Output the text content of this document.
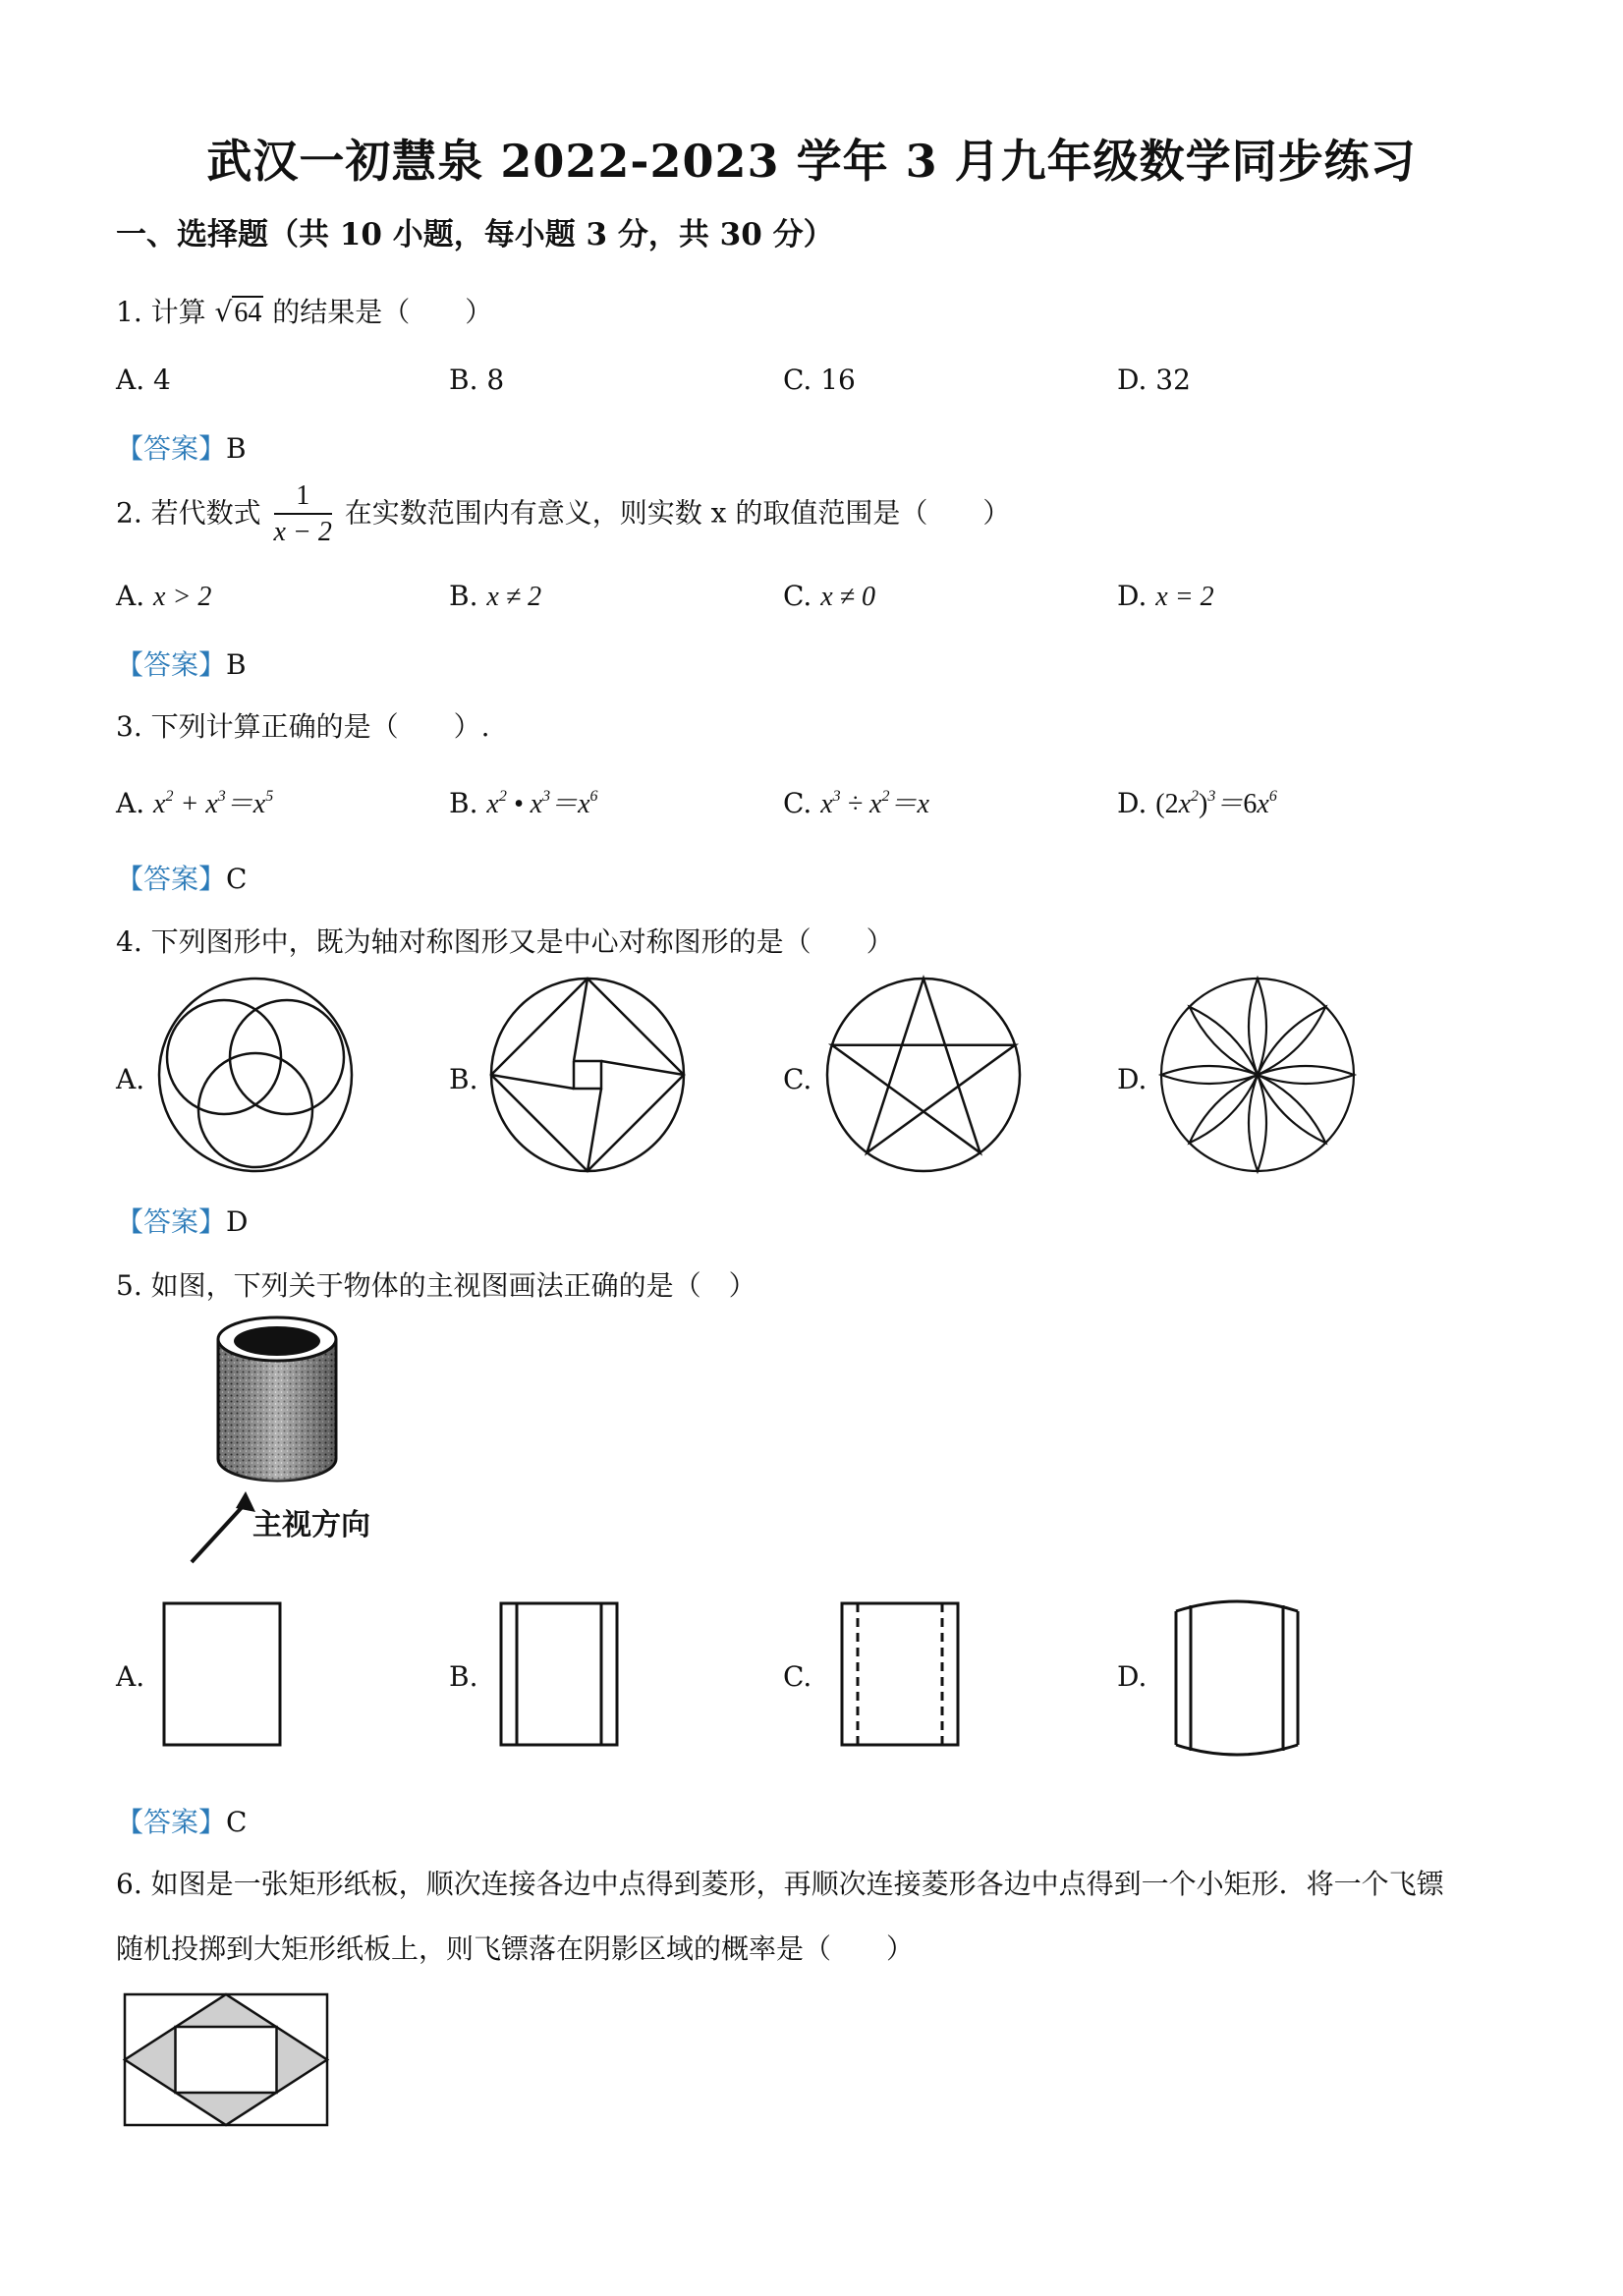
武汉一初慧泉 2022-2023 学年 3 月九年级数学同步练习
一、选择题（共 10 小题，每小题 3 分，共 30 分）
1. 计算 √64 的结果是（　　）
A. 4	B. 8	C. 16	D. 32
【答案】B
2. 若代数式 $\frac{1}{x - 2}$ 在实数范围内有意义，则实数 x 的取值范围是（　　）
A. x > 2	B. x ≠ 2	C. x ≠ 0	D. x = 2
【答案】B
3. 下列计算正确的是（　　）.
A. $x^2 + x^3=x^5$	B. $x^2$ • $x^3=x^6$	C. $x^3 \div x^2=x$	D. $(2x^2)^3=6x^6$
【答案】C
4. 下列图形中，既为轴对称图形又是中心对称图形的是（　　）
A.	B.	C.	D.
【答案】D
5. 如图，下列关于物体的主视图画法正确的是（　）
主视方向
A.	B.	C.	D.
【答案】C
6. 如图是一张矩形纸板，顺次连接各边中点得到菱形，再顺次连接菱形各边中点得到一个小矩形．将一个飞镖
随机投掷到大矩形纸板上，则飞镖落在阴影区域的概率是（　　）
